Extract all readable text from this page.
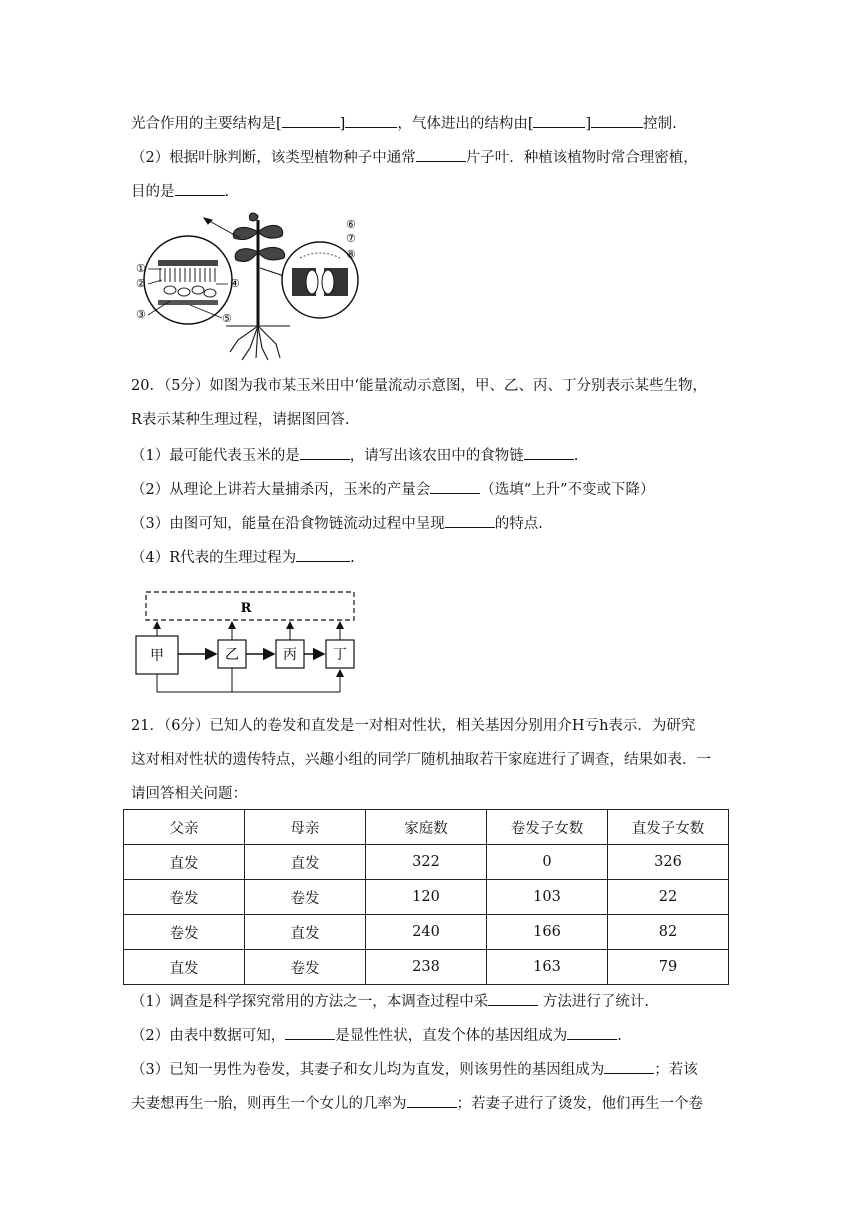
光合作用的主要结构是[	]	，气体进出的结构由[	]	控制.
（2）根据叶脉判断，该类型植物种子中通常	片子叶．种植该植物时常合理密植，
目的是	.
①
②
③
④
⑤
⑥
⑦
⑧
20．（5分）如图为我市某玉米田中‘能量流动示意图，甲、乙、丙、丁分别表示某些生物，
R表示某种生理过程，请据图回答.
（1）最可能代表玉米的是	，请写出该农田中的食物链	.
（2）从理论上讲若大量捕杀丙，玉米的产量会	（选填“上升”不变或下降）
（3）由图可知，能量在沿食物链流动过程中呈现	的特点.
（4）R代表的生理过程为	.
R
甲	乙	丙	丁
21．（6分）已知人的卷发和直发是一对相对性状，相关基因分别用介H亏h表示．为研究
这对相对性状的遗传特点，兴趣小组的同学厂随机抽取若干家庭进行了调查，结果如表．一
请回答相关问题：
父亲	母亲	家庭数	卷发子女数	直发子女数
直发	直发	322	0	326
卷发	卷发	120	103	22
卷发	直发	240	166	82
直发	卷发	238	163	79
（1）调查是科学探究常用的方法之一，本调查过程中采	方法进行了统计.
（2）由表中数据可知，	是显性性状，直发个体的基因组成为	.
（3）已知一男性为卷发，其妻子和女儿均为直发，则该男性的基因组成为	；若该
夫妻想再生一胎，则再生一个女儿的几率为	；若妻子进行了烫发，他们再生一个卷
